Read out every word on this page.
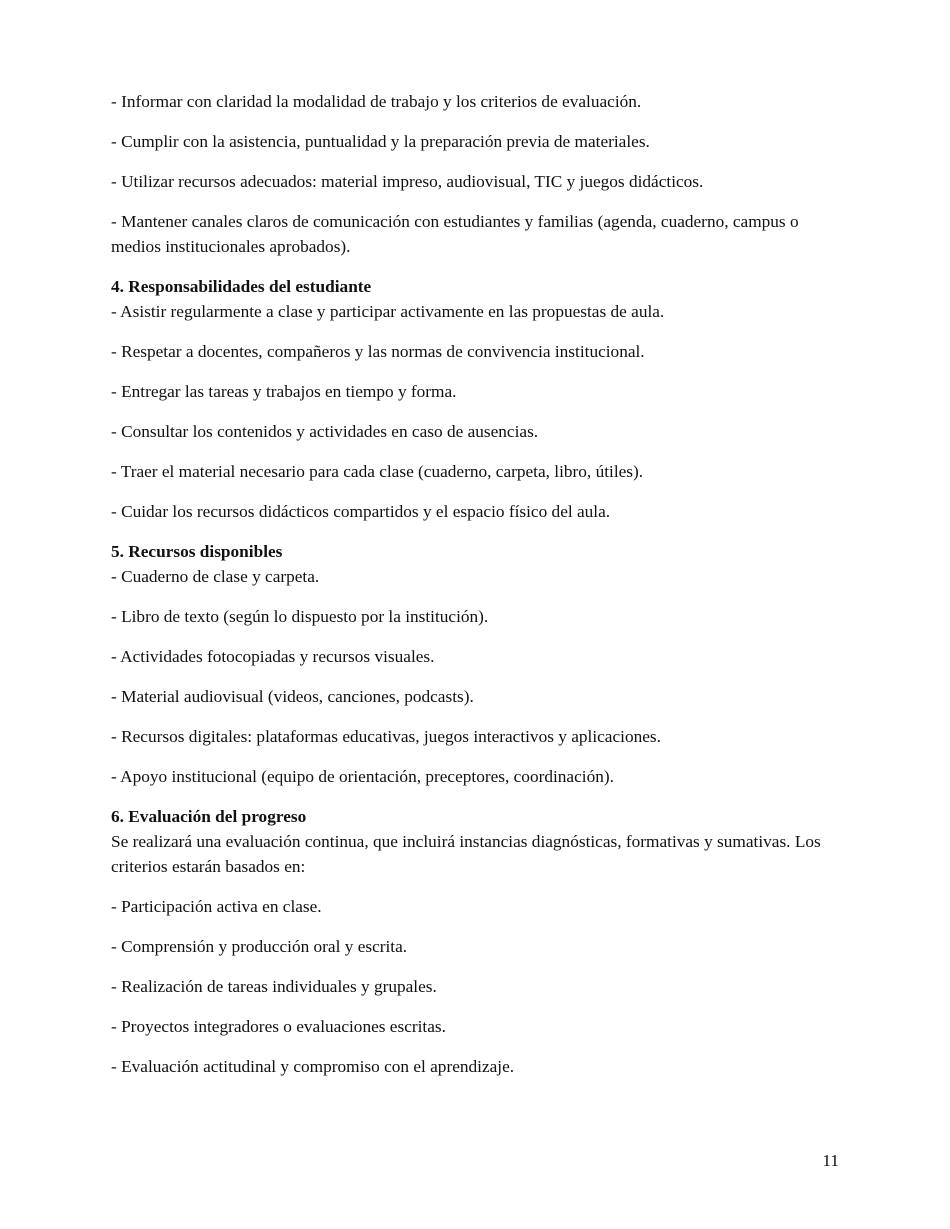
- Informar con claridad la modalidad de trabajo y los criterios de evaluación.

- Cumplir con la asistencia, puntualidad y la preparación previa de materiales.

- Utilizar recursos adecuados: material impreso, audiovisual, TIC y juegos didácticos.

- Mantener canales claros de comunicación con estudiantes y familias (agenda, cuaderno, campus o medios institucionales aprobados).

4. Responsabilidades del estudiante

- Asistir regularmente a clase y participar activamente en las propuestas de aula.

- Respetar a docentes, compañeros y las normas de convivencia institucional.

- Entregar las tareas y trabajos en tiempo y forma.

- Consultar los contenidos y actividades en caso de ausencias.

- Traer el material necesario para cada clase (cuaderno, carpeta, libro, útiles).

- Cuidar los recursos didácticos compartidos y el espacio físico del aula.

5. Recursos disponibles

- Cuaderno de clase y carpeta.

- Libro de texto (según lo dispuesto por la institución).

- Actividades fotocopiadas y recursos visuales.

- Material audiovisual (videos, canciones, podcasts).

- Recursos digitales: plataformas educativas, juegos interactivos y aplicaciones.

- Apoyo institucional (equipo de orientación, preceptores, coordinación).

6. Evaluación del progreso

Se realizará una evaluación continua, que incluirá instancias diagnósticas, formativas y sumativas. Los criterios estarán basados en:

- Participación activa en clase.

- Comprensión y producción oral y escrita.

- Realización de tareas individuales y grupales.

- Proyectos integradores o evaluaciones escritas.

- Evaluación actitudinal y compromiso con el aprendizaje.

11
